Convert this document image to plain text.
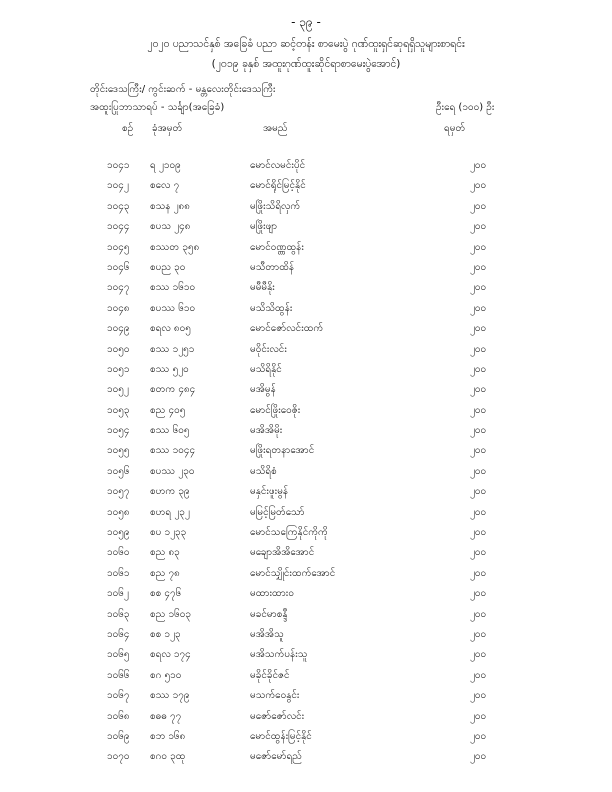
- ၃၉ -
၂၀၂၀ ပညာသင်နှစ် အခြေခံ ပညာ ဆင့်တန်း စာမေးပွဲ ဂုဏ်ထူးရှင်ဆုရရှိသူများစာရင်း
(၂၀၁၉ ခုနှစ် အထူးဂုဏ်ထူးဆိုင်ရာစာမေးပွဲအောင်)
တိုင်းဒေသကြီး/ ကွင်းဆက် - မန္တလေးတိုင်းဒေသကြီး
အထူးပြုဘာသာရပ် - သင်္ချာ(အခြေခံ)	ဦးရေ (၁၀၀) ဦး
စဉ် ခုံအမှတ်	အမည်	ရမှတ်
၁၀၄၁ ရ ၂၁၀၉	မောင်လမင်းပိုင်	၂၀၀
၁၀၄၂ စလေ ၇	မောင်ရိုင်မြင့်နိုင်	၂၀၀
၁၀၄၃ စသန ၂၈၈	မဖြိုးသိရိလှက်	၂၀၀
၁၀၄၄ စပသ ၂၄၈	မဖြိုးဖျာ	၂၀၀
၁၀၄၅ စဿတ ၃၅၈	မောင်ဝဏ္ဏထွန်း	၂၀၀
၁၀၄၆ စပည ၃၀	မသီတာထိန်	၂၀၀
၁၀၄၇ စဿ ၁၆၁၀	မမီမီနိုး	၂၀၀
၁၀၄၈ စပဿ ၆၁၀	မသိသိထွန်း	၂၀၀
၁၀၄၉ စရလ ၈၀၅	မောင်ဇော်လင်းထက်	၂၀၀
၁၀၅၀ စဿ ၁၂၅၁	မဝိုင်းလင်း	၂၀၀
၁၀၅၁ စဿ ၅၂၀	မသိရိနိုင်	၂၀၀
၁၀၅၂ စတက ၄၈၄	မအိမွန်	၂၀၀
၁၀၅၃ စည ၄၀၅	မောင်ဖြိုးဝေဇိုး	၂၀၀
၁၀၅၄ စဿ ၆၀၅	မအိအိမိုး	၂၀၀
၁၀၅၅ စဿ ၁၀၄၄	မဖြိုးရတနာအောင်	၂၀၀
၁၀၅၆ စပဿ ၂၃၀	မသိရိစံ	၂၀၀
၁၀၅၇ စဟက ၃၉	မနှင်းဖူးမွန်	၂၀၀
၁၀၅၈ စဟရ ၂၃၂	မမြင့်မြတ်သော်	၂၀၀
၁၀၅၉ စပ ၁၂၃၃	မောင်သကြေနိုင်ကိုကို	၂၀၀
၁၀၆၀ စည ၈၃	မချောအိအိအောင်	၂၀၀
၁၀၆၁ စည ၇၈	မောင်သျှိုင်းထက်အောင်	၂၀၀
၁၀၆၂ စစ ၄၇၆	မထားထားဝ	၂၀၀
၁၀၆၃ စည ၁၆၀၃	မခင်မာစန္ဒီ	၂၀၀
၁၀၆၄ စစ ၁၂၃	မအိအိသူ	၂၀၀
၁၀၆၅ စရလ ၁၇၄	မအိသက်ပန်းသူ	၂၀၀
၁၀၆၆ စဂ ၅၁၀	မခိုင်ခိုင်ဇင်	၂၀၀
၁၀၆၇ စဿ ၁၇၉	မသက်ဝေနွင်း	၂၀၀
၁၀၆၈ စဓဓ ၇၇	မဇော်ဇော်လင်း	၂၀၀
၁၀၆၉ စဘ ၁၆၈	မောင်ထွန်းမြင့်နိုင်	၂၀၀
၁၀၇၀ စဂဝ ၃ထု	မဇော်မော်ရည်	၂၀၀
